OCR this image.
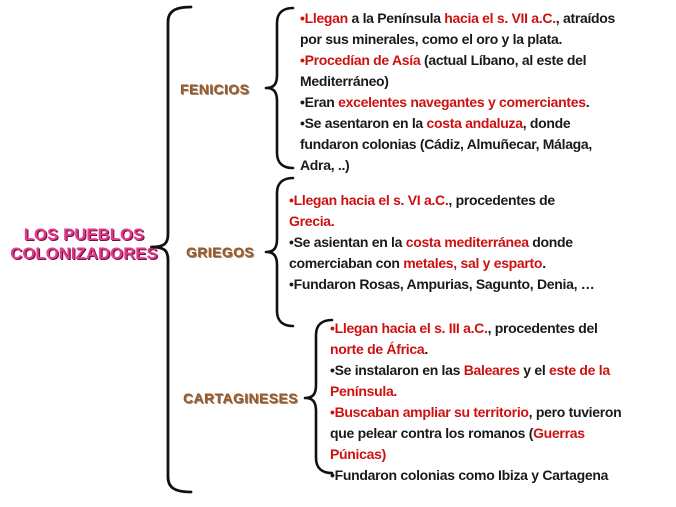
LOS PUEBLOS
COLONIZADORES
FENICIOS
•Llegan a la Península hacia el s. VII a.C., atraídos
por sus minerales, como el oro y la plata.
•Procedían de Asía (actual Líbano, al este del
Mediterráneo)
•Eran excelentes navegantes y comerciantes.
•Se asentaron en la costa andaluza, donde
fundaron colonias (Cádiz, Almuñecar, Málaga,
Adra, ..)
GRIEGOS
•Llegan hacia el s. VI a.C., procedentes de
Grecia.
•Se asientan en la costa mediterránea donde
comerciaban con metales, sal y esparto.
•Fundaron Rosas, Ampurias, Sagunto, Denia, …
CARTAGINESES
•Llegan hacia el s. III a.C., procedentes del
norte de África.
•Se instalaron en las Baleares y el este de la
Península.
•Buscaban ampliar su territorio, pero tuvieron
que pelear contra los romanos (Guerras
Púnicas)
•Fundaron colonias como Ibiza y Cartagena
